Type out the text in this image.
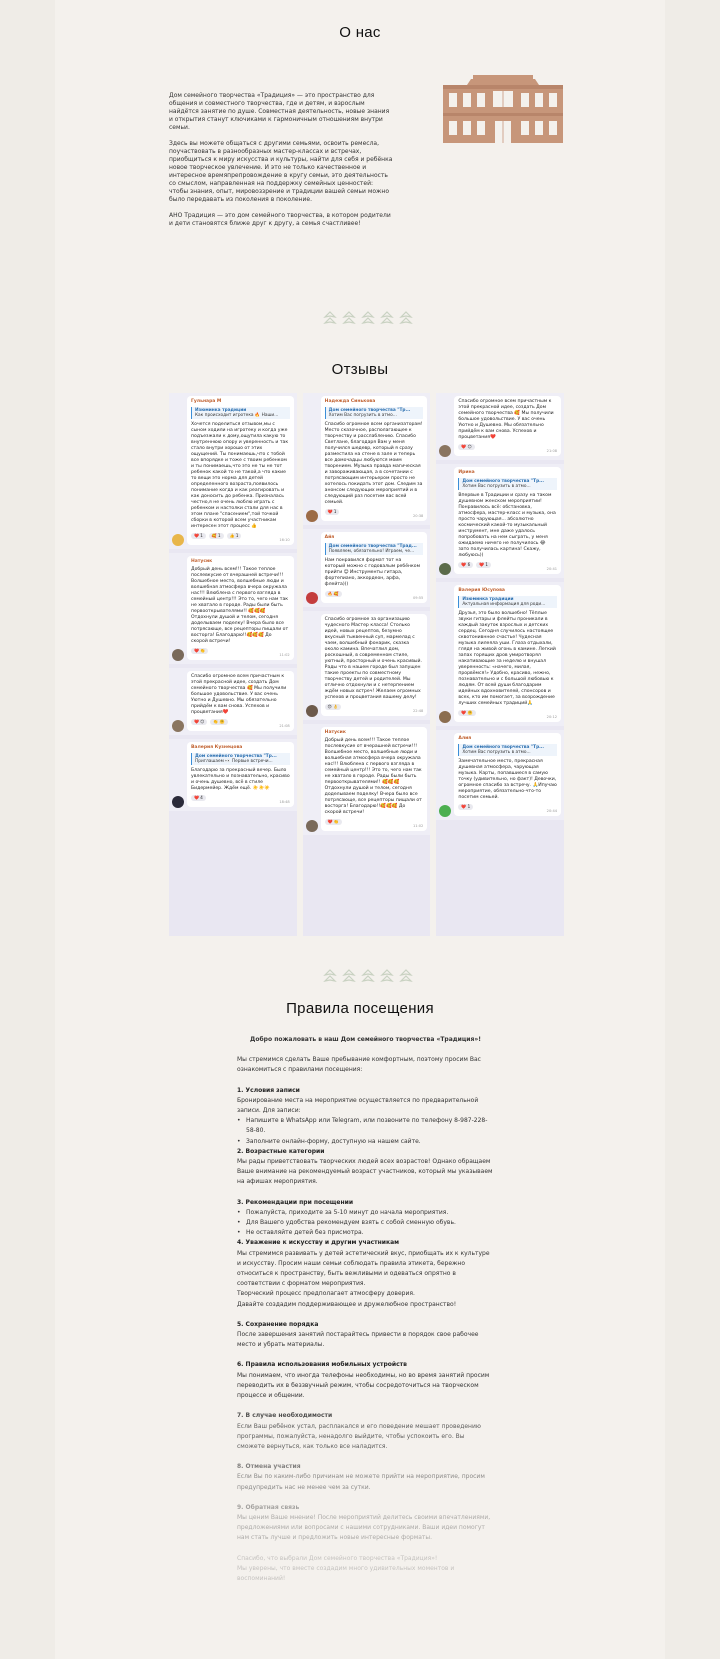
О нас

Дом семейного творчества «Традиция» — это пространство для общения и совместного творчества, где и детям, и взрослым найдётся занятие по душе. Совместная деятельность, новые знания и открытия станут ключиками к гармоничным отношениям внутри семьи.

Здесь вы можете общаться с другими семьями, освоить ремесла, поучаствовать в разнообразных мастер-классах и встречах, приобщиться к миру искусства и культуры, найти для себя и ребёнка новое творческое увлечение. И это не только качественное и интересное времяпрепровождение в кругу семьи, это деятельность со смыслом, направленная на поддержку семейных ценностей: чтобы знания, опыт, мировоззрение и традиции вашей семьи можно было передавать из поколения в поколение.

АНО Традиция — это дом семейного творчества, в котором родители и дети становятся ближе друг к другу, а семья счастливее!

Отзывы
Гульнара М
Изюминка традиции
Как происходит игротека 🔥 Наши...
Хочется поделиться отзывом,мы с сыном ходили на игротеку и когда уже подъезжали к дому,ощутила какую то внутреннюю опору и уверенность и так стало внутри хорошо от этих ощущений. Ты понимаешь,что с тобой все впорядке и тоже с твоим ребенком и ты понимаешь,что это не ты не тот ребенок какой то не такой,а что какие то вещи это норма для детей определенного возраста,появилось понимание когда и как реагировать и как доносить до ребенка. Призналась честно,я не очень люблю играть с ребенком и настолки стали для нас в этом плане "спасением",той точкой сборки в которой всем участникам интересен этот процесс 👍
❤️ 1	🥰 1	👍 1
16:10
Натусик
Добрый день всем!!! Такое теплое послевкусие от вчерашней встречи!!! Волшебное место, волшебные люди и волшебная атмосфера вчера окружала нас!!! Влюблена с первого взгляда в семейный центр!!! Это то, чего нам так не хватало в городе. Рады были быть первооткрывателями!! 🥰🥰🥰 Отдохнули душой и телом, сегодня доделываем поделку! Вчера было все потрясающе, все рецепторы пищали от восторга! Благодарю!!🥰🥰🥰 До скорой встречи!
❤️ 👏
11:02
Спасибо огромное всем причастным к этой прекрасной идее, создать Дом семейного творчества 🥰 Мы получили большое удовольствие. У вас очень Уютно и Душевно. Мы обязательно прийдём к вам снова. Успехов и процветания❤️
❤️ 😊	👏 🤗
21:08
Валерия Кузнецова
Дом семейного творчества "Тр...
Приглашаем 👀 Первые встречи...
Благодарю за прекрасный вечер. Было увлекательно и познавательно, красиво и очень душевно, всё в стиле Бидермейер. Ждём ещё. ☀️☀️☀️
❤️ 4
18:48
Надежда Синькова
Дом семейного творчества "Тр...
Хотим Вас погрузить в атмо...
Спасибо огромное всем организаторам! Место сказочное, располагающее к творчеству и расслаблению. Спасибо Светлане, благодаря Вам у меня получился шедевр, который я сразу разместила на стене в зале и теперь все домочадцы любуются моим творением. Музыка правда магическая и завораживающая, а в сочетании с потрясающим интерьером просто не хотелось покидать этот дом. Следим за анонсом следующих мероприятий и в следующий раз посетим вас всей семьей.
❤️ 1
20:38
Айя
Дом семейного творчества "Трад...
Появляем, обязательно! Играем, че...
Нам понравился формат тот на который можно с годовалым ребёнком прийти 😊 Инструменты гитара, фортепиано, аккордеон, арфа, флейта)))
🔥 🥰
09:55
Спасибо огромное за организацию чудесного Мастер класса! Столько идей, новых рецептов, безумно вкусный тыквенный суп, мармелад с чаем, волшебный фонарик, сказка около камина. Впечатлил дом, роскошный, в современном стиле, уютный, просторный и очень красивый. Рады что в нашем городе был запущен такие проекты по совместному творчеству детей и родителей. Мы отлично отдохнули и с нетерпением ждём новых встреч! Желаем огромных успехов и процветания вашему делу!
😍 👌
22:48
Натусик
Добрый день всем!!! Такое теплое послевкусие от вчерашней встречи!!! Волшебное место, волшебные люди и волшебная атмосфера вчера окружала нас!!! Влюблена с первого взгляда в семейный центр!!! Это то, чего нам так не хватало в городе. Рады были быть первооткрывателями!! 🥰🥰🥰 Отдохнули душой и телом, сегодня доделываем поделку! Вчера было все потрясающе, все рецепторы пищали от восторга! Благодарю!!🥰🥰🥰 До скорой встречи!
❤️ 👏
11:02
Спасибо огромное всем причастным к этой прекрасной идее, создать Дом семейного творчества 🥰 Мы получили большое удовольствие. У вас очень Уютно и Душевно. Мы обязательно прийдём к вам снова. Успехов и процветания❤️
❤️ 😊
21:08
Ирина
Дом семейного творчества "Тр...
Хотим Вас погрузить в атмо...
Впервые в Традиции и сразу на таком душевном женском мероприятии! Понравилось всё: обстановка, атмосфера, мастер-класс и музыка, она просто чарующая... абсолютно космический какой-то музыкальный инструмент, мне даже удалось попробовать на нем сыграть, у меня ожидаемо ничего не получилось 😂 зато получилась картина! Скажу, любуюсь))
❤️ 6	❤️ 1
20:41
Валерия Юсупова
Изюминка традиции
Актуальная информация для роди...
Друзья, это было волшебно! Тёплые звуки гитары и флейты проникали в каждый закуток взрослых и детских сердец. Сегодня случилось настоящее сквотонивнное счастье! Чудесная музыка лилеяла уши. Глаза отдыхали, глядя на живой огонь в камине. Легкий запах горящих дров умиротворял накативающие за неделю и внушал уверенность: «начего, милая, прорвёмся!» Удобно, красиво, нежно, познавательно и с большой любовью к людям. От всей души благодарим идейных вдохновителей, спонсоров и всех, кто им помогает, за возрождение лучших семейных традиций🙏
❤️ 🤗
20:12
Алия
Дом семейного творчества "Тр...
Хотим Вас погрузить в атмо...
Замечательное место, прекрасная душевная атмосфера, чарующая музыка. Карты, попавшиеся в самую точку (удивительно, но факт)! Девочки, огромное спасибо за встречу. 🙏Ипучаю мероприятие, обязательно-что-то посетим семьей.
❤️ 1
20:44
Правила посещения
Добро пожаловать в наш Дом семейного творчества «Традиция»!
Мы стремимся сделать Ваше пребывание комфортным, поэтому просим Вас ознакомиться с правилами посещения:
1. Условия записи
Бронирование места на мероприятие осуществляется по предварительной записи. Для записи:
• Напишите в WhatsApp или Telegram, или позвоните по телефону 8-987-228-58-80.
• Заполните онлайн-форму, доступную на нашем сайте.
2. Возрастные категории
Мы рады приветствовать творческих людей всех возрастов! Однако обращаем Ваше внимание на рекомендуемый возраст участников, который мы указываем на афишах мероприятия.
3. Рекомендации при посещении
• Пожалуйста, приходите за 5-10 минут до начала мероприятия.
• Для Вашего удобства рекомендуем взять с собой сменную обувь.
• Не оставляйте детей без присмотра.
4. Уважение к искусству и другим участникам
Мы стремимся развивать у детей эстетический вкус, приобщать их к культуре и искусству. Просим наши семьи соблюдать правила этикета, бережно относиться к пространству, быть вежливыми и одеваться опрятно в соответствии с форматом мероприятия.
Творческий процесс предполагает атмосферу доверия.
Давайте создадим поддерживающее и дружелюбное пространство!
5. Сохранение порядка
После завершения занятий постарайтесь привести в порядок свое рабочее место и убрать материалы.
6. Правила использования мобильных устройств
Мы понимаем, что иногда телефоны необходимы, но во время занятий просим переводить их в беззвучный режим, чтобы сосредоточиться на творческом процессе и общении.
7. В случае необходимости
Если Ваш ребёнок устал, расплакался и его поведение мешает проведению программы, пожалуйста, ненадолго выйдите, чтобы успокоить его. Вы сможете вернуться, как только все наладится.
8. Отмена участия
Если Вы по каким-либо причинам не можете прийти на мероприятие, просим предупредить нас не менее чем за сутки.
9. Обратная связь
Мы ценим Ваше мнение! После мероприятий делитесь своими впечатлениями, предложениями или вопросами с нашими сотрудниками. Ваши идеи помогут нам стать лучше и предложить новые интересные форматы.
Спасибо, что выбрали Дом семейного творчества «Традиция»!
Мы уверены, что вместе создадим много удивительных моментов и воспоминаний!
